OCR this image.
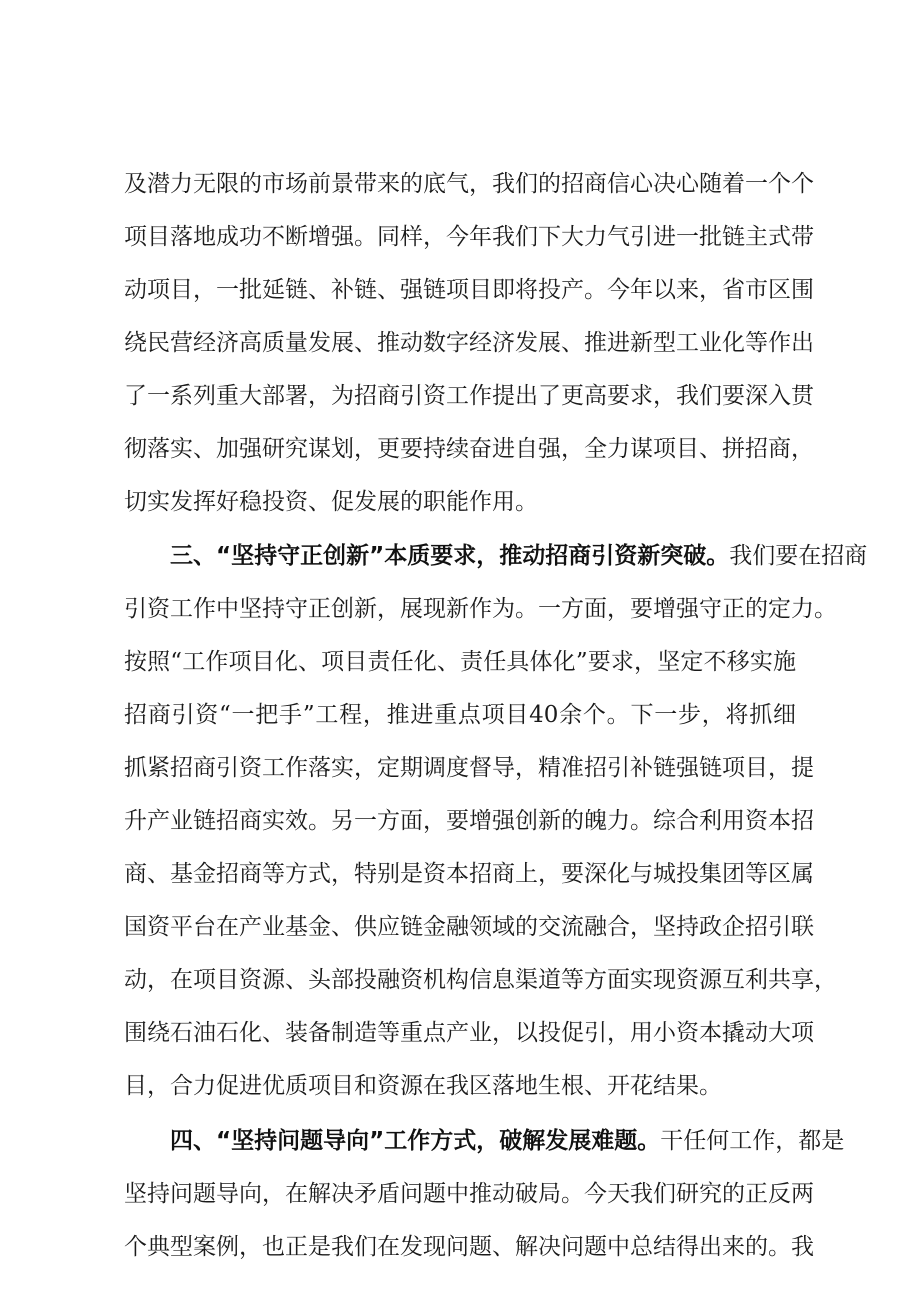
及潜力无限的市场前景带来的底气，我们的招商信心决心随着一个个
项目落地成功不断增强。同样，今年我们下大力气引进一批链主式带
动项目，一批延链、补链、强链项目即将投产。今年以来，省市区围
绕民营经济高质量发展、推动数字经济发展、推进新型工业化等作出
了一系列重大部署，为招商引资工作提出了更高要求，我们要深入贯
彻落实、加强研究谋划，更要持续奋进自强，全力谋项目、拼招商，
切实发挥好稳投资、促发展的职能作用。
三、“坚持守正创新”本质要求，推动招商引资新突破。 我们要在招商
引资工作中坚持守正创新，展现新作为。一方面，要增强守正的定力。
按照“工作项目化、项目责任化、责任具体化”要求，坚定不移实施
招商引资“一把手”工程，推进重点项目40余个。下一步，将抓细
抓紧招商引资工作落实，定期调度督导，精准招引补链强链项目，提
升产业链招商实效。另一方面，要增强创新的魄力。综合利用资本招
商、基金招商等方式，特别是资本招商上，要深化与城投集团等区属
国资平台在产业基金、供应链金融领域的交流融合，坚持政企招引联
动，在项目资源、头部投融资机构信息渠道等方面实现资源互利共享，
围绕石油石化、装备制造等重点产业，以投促引，用小资本撬动大项
目，合力促进优质项目和资源在我区落地生根、开花结果。
四、“坚持问题导向”工作方式，破解发展难题。 干任何工作，都是
坚持问题导向，在解决矛盾问题中推动破局。今天我们研究的正反两
个典型案例，也正是我们在发现问题、解决问题中总结得出来的。我
